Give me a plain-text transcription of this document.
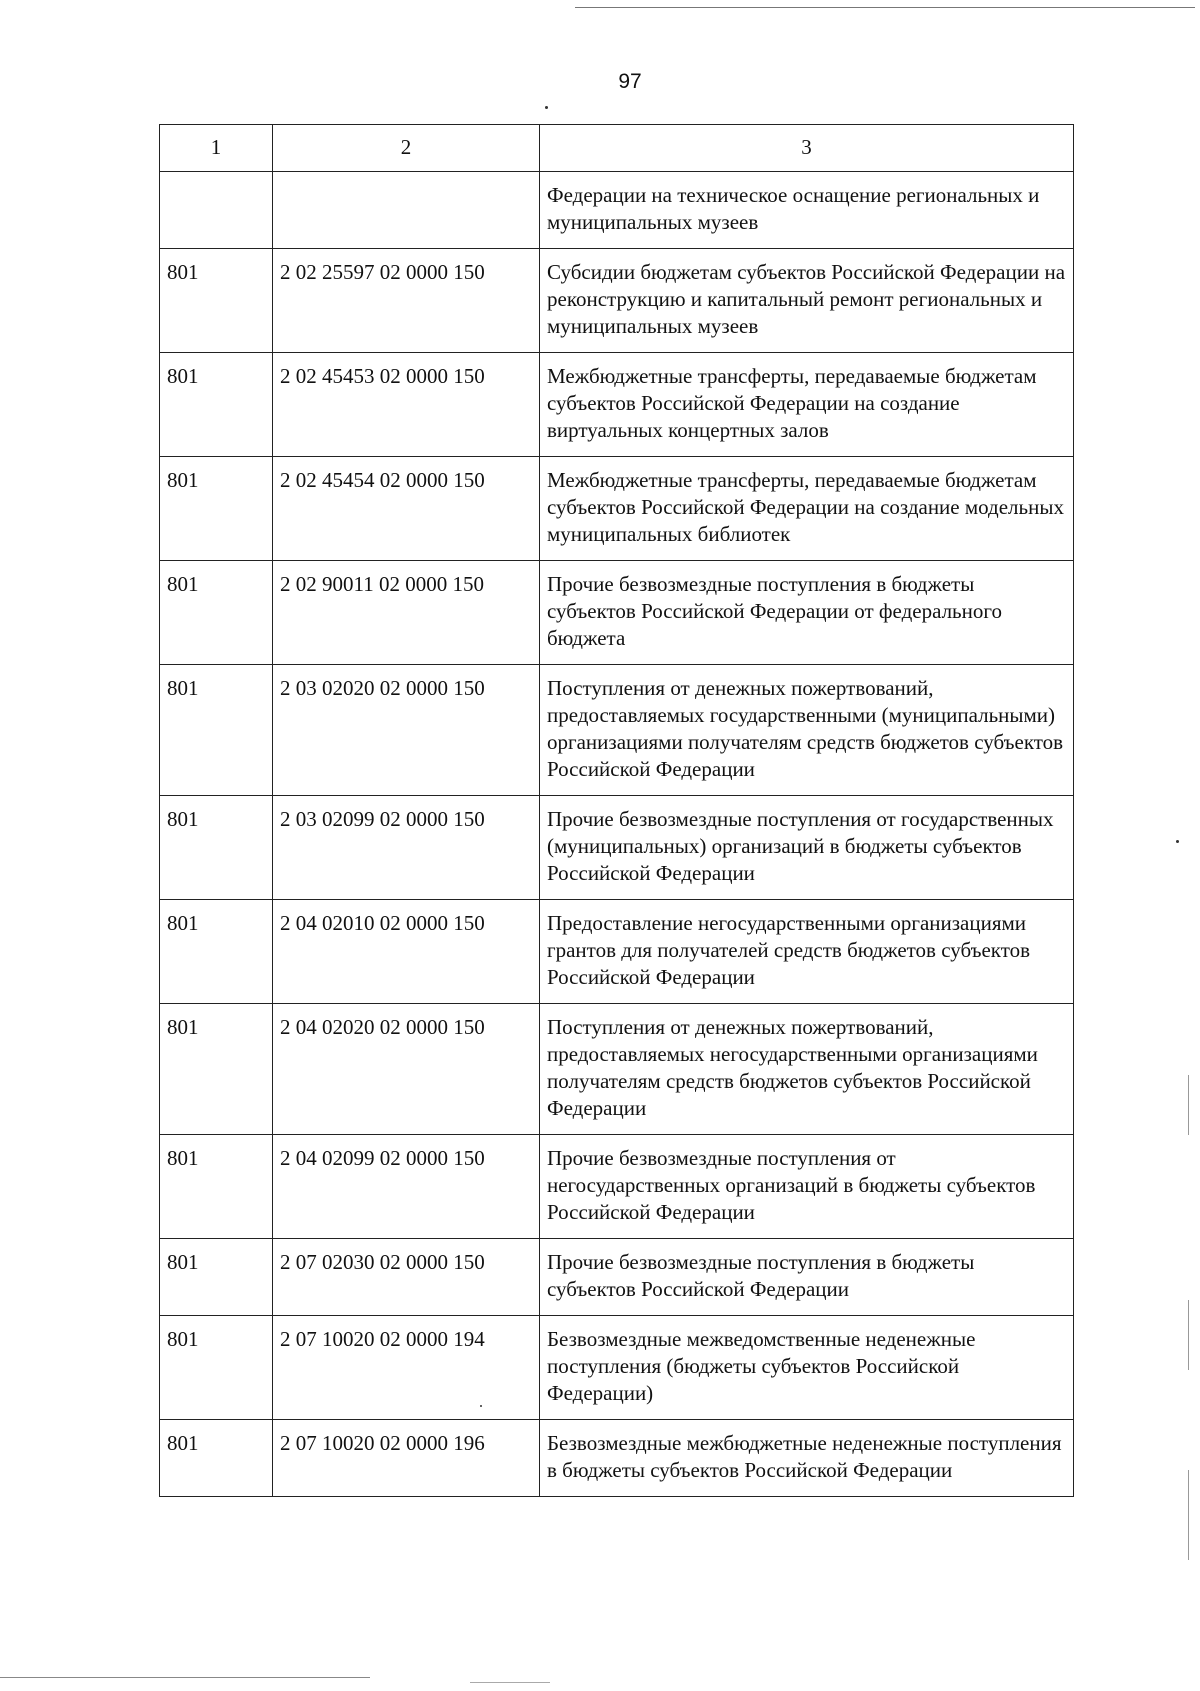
97
1	2	3
		Федерации на техническое оснащение региональных и муниципальных музеев
801	2 02 25597 02 0000 150	Субсидии бюджетам субъектов Российской Федерации на реконструкцию и капитальный ремонт региональных и муниципальных музеев
801	2 02 45453 02 0000 150	Межбюджетные трансферты, передаваемые бюджетам субъектов Российской Федерации на создание виртуальных концертных залов
801	2 02 45454 02 0000 150	Межбюджетные трансферты, передаваемые бюджетам субъектов Российской Федерации на создание модельных муниципальных библиотек
801	2 02 90011 02 0000 150	Прочие безвозмездные поступления в бюджеты субъектов Российской Федерации от федерального бюджета
801	2 03 02020 02 0000 150	Поступления от денежных пожертвований, предоставляемых государственными (муниципальными) организациями получателям средств бюджетов субъектов Российской Федерации
801	2 03 02099 02 0000 150	Прочие безвозмездные поступления от государственных (муниципальных) организаций в бюджеты субъектов Российской Федерации
801	2 04 02010 02 0000 150	Предоставление негосударственными организациями грантов для получателей средств бюджетов субъектов Российской Федерации
801	2 04 02020 02 0000 150	Поступления от денежных пожертвований, предоставляемых негосударственными организациями получателям средств бюджетов субъектов Российской Федерации
801	2 04 02099 02 0000 150	Прочие безвозмездные поступления от негосударственных организаций в бюджеты субъектов Российской Федерации
801	2 07 02030 02 0000 150	Прочие безвозмездные поступления в бюджеты субъектов Российской Федерации
801	2 07 10020 02 0000 194	Безвозмездные межведомственные неденежные поступления (бюджеты субъектов Российской Федерации)
801	2 07 10020 02 0000 196	Безвозмездные межбюджетные неденежные поступления в бюджеты субъектов Российской Федерации
